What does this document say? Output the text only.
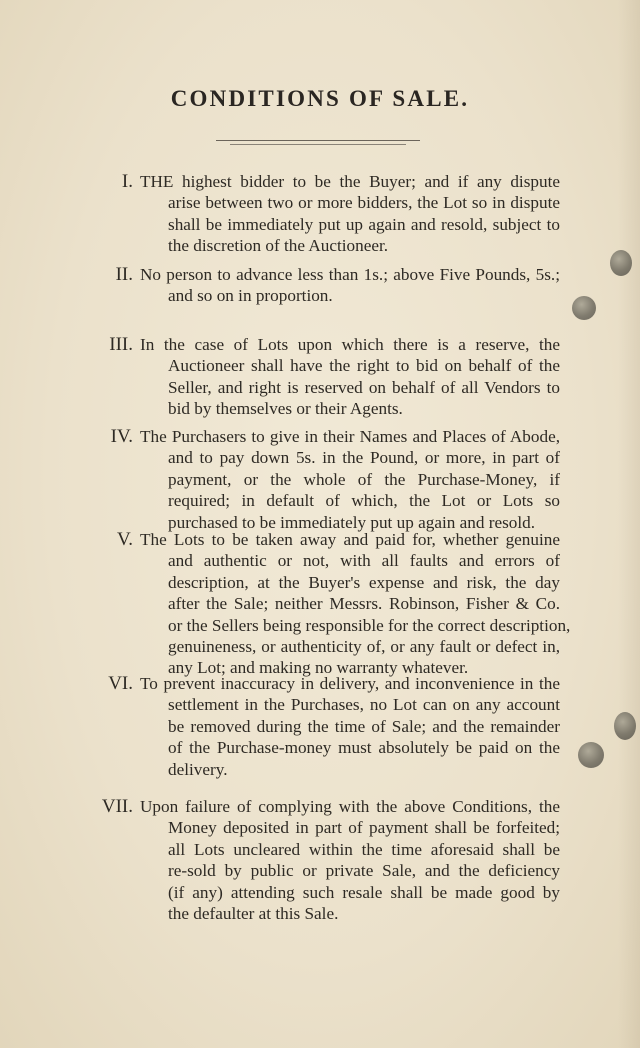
CONDITIONS OF SALE.
I. THE highest bidder to be the Buyer; and if any dispute
arise between two or more bidders, the Lot so in dispute
shall be immediately put up again and resold, subject to
the discretion of the Auctioneer.
II. No person to advance less than 1s.; above Five Pounds, 5s.;
and so on in proportion.
III. In the case of Lots upon which there is a reserve, the
Auctioneer shall have the right to bid on behalf of the
Seller, and right is reserved on behalf of all Vendors to
bid by themselves or their Agents.
IV. The Purchasers to give in their Names and Places of Abode,
and to pay down 5s. in the Pound, or more, in part of
payment, or the whole of the Purchase-Money, if
required; in default of which, the Lot or Lots so
purchased to be immediately put up again and resold.
V. The Lots to be taken away and paid for, whether genuine
and authentic or not, with all faults and errors of
description, at the Buyer's expense and risk, the day
after the Sale; neither Messrs. Robinson, Fisher & Co.
or the Sellers being responsible for the correct description,
genuineness, or authenticity of, or any fault or defect in,
any Lot; and making no warranty whatever.
VI. To prevent inaccuracy in delivery, and inconvenience in the
settlement in the Purchases, no Lot can on any account
be removed during the time of Sale; and the remainder
of the Purchase-money must absolutely be paid on the
delivery.
VII. Upon failure of complying with the above Conditions, the
Money deposited in part of payment shall be forfeited;
all Lots uncleared within the time aforesaid shall be
re-sold by public or private Sale, and the deficiency
(if any) attending such resale shall be made good by
the defaulter at this Sale.
